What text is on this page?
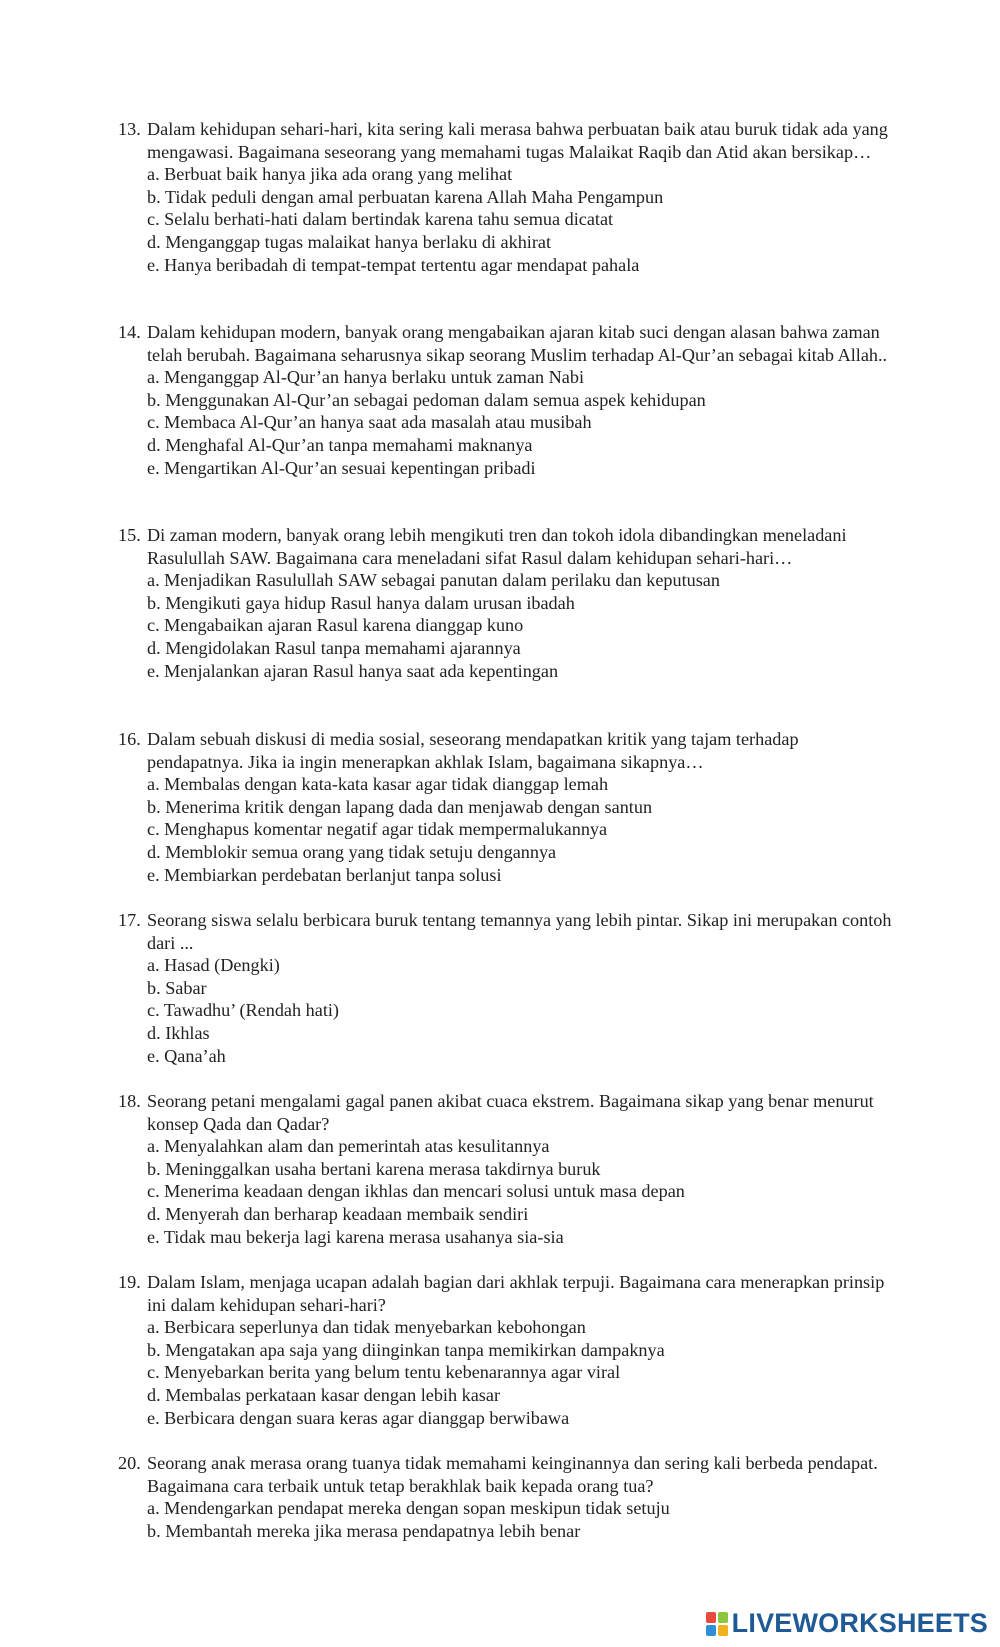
13. Dalam kehidupan sehari-hari, kita sering kali merasa bahwa perbuatan baik atau buruk tidak ada yang mengawasi. Bagaimana seseorang yang memahami tugas Malaikat Raqib dan Atid akan bersikap…

a. Berbuat baik hanya jika ada orang yang melihat
b. Tidak peduli dengan amal perbuatan karena Allah Maha Pengampun
c. Selalu berhati-hati dalam bertindak karena tahu semua dicatat
d. Menganggap tugas malaikat hanya berlaku di akhirat
e. Hanya beribadah di tempat-tempat tertentu agar mendapat pahala
14. Dalam kehidupan modern, banyak orang mengabaikan ajaran kitab suci dengan alasan bahwa zaman telah berubah. Bagaimana seharusnya sikap seorang Muslim terhadap Al-Qur’an sebagai kitab Allah..

a. Menganggap Al-Qur’an hanya berlaku untuk zaman Nabi
b. Menggunakan Al-Qur’an sebagai pedoman dalam semua aspek kehidupan
c. Membaca Al-Qur’an hanya saat ada masalah atau musibah
d. Menghafal Al-Qur’an tanpa memahami maknanya
e. Mengartikan Al-Qur’an sesuai kepentingan pribadi
15. Di zaman modern, banyak orang lebih mengikuti tren dan tokoh idola dibandingkan meneladani Rasulullah SAW. Bagaimana cara meneladani sifat Rasul dalam kehidupan sehari-hari…

a. Menjadikan Rasulullah SAW sebagai panutan dalam perilaku dan keputusan
b. Mengikuti gaya hidup Rasul hanya dalam urusan ibadah
c. Mengabaikan ajaran Rasul karena dianggap kuno
d. Mengidolakan Rasul tanpa memahami ajarannya
e. Menjalankan ajaran Rasul hanya saat ada kepentingan
16. Dalam sebuah diskusi di media sosial, seseorang mendapatkan kritik yang tajam terhadap pendapatnya. Jika ia ingin menerapkan akhlak Islam, bagaimana sikapnya…

a. Membalas dengan kata-kata kasar agar tidak dianggap lemah
b. Menerima kritik dengan lapang dada dan menjawab dengan santun
c. Menghapus komentar negatif agar tidak mempermalukannya
d. Memblokir semua orang yang tidak setuju dengannya
e. Membiarkan perdebatan berlanjut tanpa solusi
17. Seorang siswa selalu berbicara buruk tentang temannya yang lebih pintar. Sikap ini merupakan contoh dari ...

a. Hasad (Dengki)
b. Sabar
c. Tawadhu’ (Rendah hati)
d. Ikhlas
e. Qana’ah
18. Seorang petani mengalami gagal panen akibat cuaca ekstrem. Bagaimana sikap yang benar menurut konsep Qada dan Qadar?

a. Menyalahkan alam dan pemerintah atas kesulitannya
b. Meninggalkan usaha bertani karena merasa takdirnya buruk
c. Menerima keadaan dengan ikhlas dan mencari solusi untuk masa depan
d. Menyerah dan berharap keadaan membaik sendiri
e. Tidak mau bekerja lagi karena merasa usahanya sia-sia
19. Dalam Islam, menjaga ucapan adalah bagian dari akhlak terpuji. Bagaimana cara menerapkan prinsip ini dalam kehidupan sehari-hari?

a. Berbicara seperlunya dan tidak menyebarkan kebohongan
b. Mengatakan apa saja yang diinginkan tanpa memikirkan dampaknya
c. Menyebarkan berita yang belum tentu kebenarannya agar viral
d. Membalas perkataan kasar dengan lebih kasar
e. Berbicara dengan suara keras agar dianggap berwibawa
20. Seorang anak merasa orang tuanya tidak memahami keinginannya dan sering kali berbeda pendapat. Bagaimana cara terbaik untuk tetap berakhlak baik kepada orang tua?

a. Mendengarkan pendapat mereka dengan sopan meskipun tidak setuju
b. Membantah mereka jika merasa pendapatnya lebih benar
LIVEWORKSHEETS
